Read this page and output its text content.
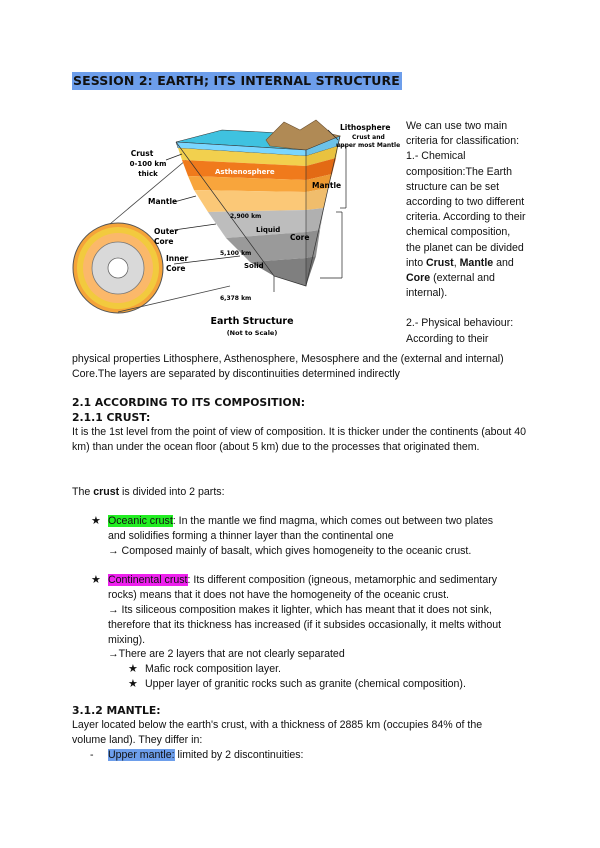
SESSION 2: EARTH; ITS INTERNAL STRUCTURE
Crust
0-100 km
thick
Lithosphere
Crust and
upper most Mantle
Asthenosphere
Mantle
Mantle
2,900 km
Liquid
Outer
Core	Core
5,100 km
Inner
Core	Solid
6,378 km
Earth Structure
(Not to Scale)

We can use two main criteria for classification:

1.- Chemical composition:The Earth structure can be set according to two different criteria. According to their chemical composition, the planet can be divided into Crust, Mantle and Core (external and internal).

2.- Physical behaviour:

According to their

physical properties Lithosphere, Asthenosphere, Mesosphere and the (external and internal)
Core.The layers are separated by discontinuities determined indirectly
2.1 ACCORDING TO ITS COMPOSITION:
2.1.1 CRUST:
It is the 1st level from the point of view of composition. It is thicker under the continents (about 40 km) than under the ocean floor (about 5 km) due to the processes that originated them.
The crust is divided into 2 parts:
★ Oceanic crust: In the mantle we find magma, which comes out between two plates
and solidifies forming a thinner layer than the continental one
→ Composed mainly of basalt, which gives homogeneity to the oceanic crust.
★ Continental crust: Its different composition (igneous, metamorphic and sedimentary
rocks) means that it does not have the homogeneity of the oceanic crust.
→ Its siliceous composition makes it lighter, which has meant that it does not sink,
therefore that its thickness has increased (if it subsides occasionally, it melts without
mixing).
→There are 2 layers that are not clearly separated
★ Mafic rock composition layer.
★ Upper layer of granitic rocks such as granite (chemical composition).
3.1.2 MANTLE:
Layer located below the earth's crust, with a thickness of 2885 km (occupies 84% of the
volume land). They differ in:
- Upper mantle: limited by 2 discontinuities:
